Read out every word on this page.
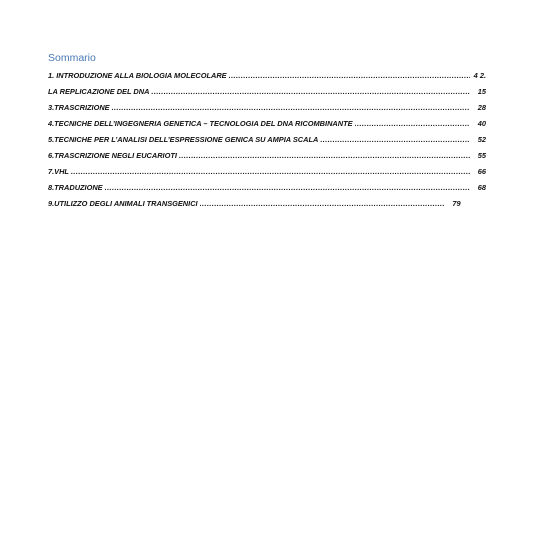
Sommario
1. INTRODUZIONE ALLA BIOLOGIA MOLECOLARE .....	4 2.
LA REPLICAZIONE DEL DNA .....	15
3.TRASCRIZIONE .....	28
4.TECNICHE DELL’INGEGNERIA GENETICA – TECNOLOGIA DEL DNA RICOMBINANTE .....	40
5.TECNICHE PER L’ANALISI DELL’ESPRESSIONE GENICA SU AMPIA SCALA .....	52
6.TRASCRIZIONE NEGLI EUCARIOTI .....	55
7.VHL .....	66
8.TRADUZIONE .....	68
9.UTILIZZO DEGLI ANIMALI TRANSGENICI .....	79
